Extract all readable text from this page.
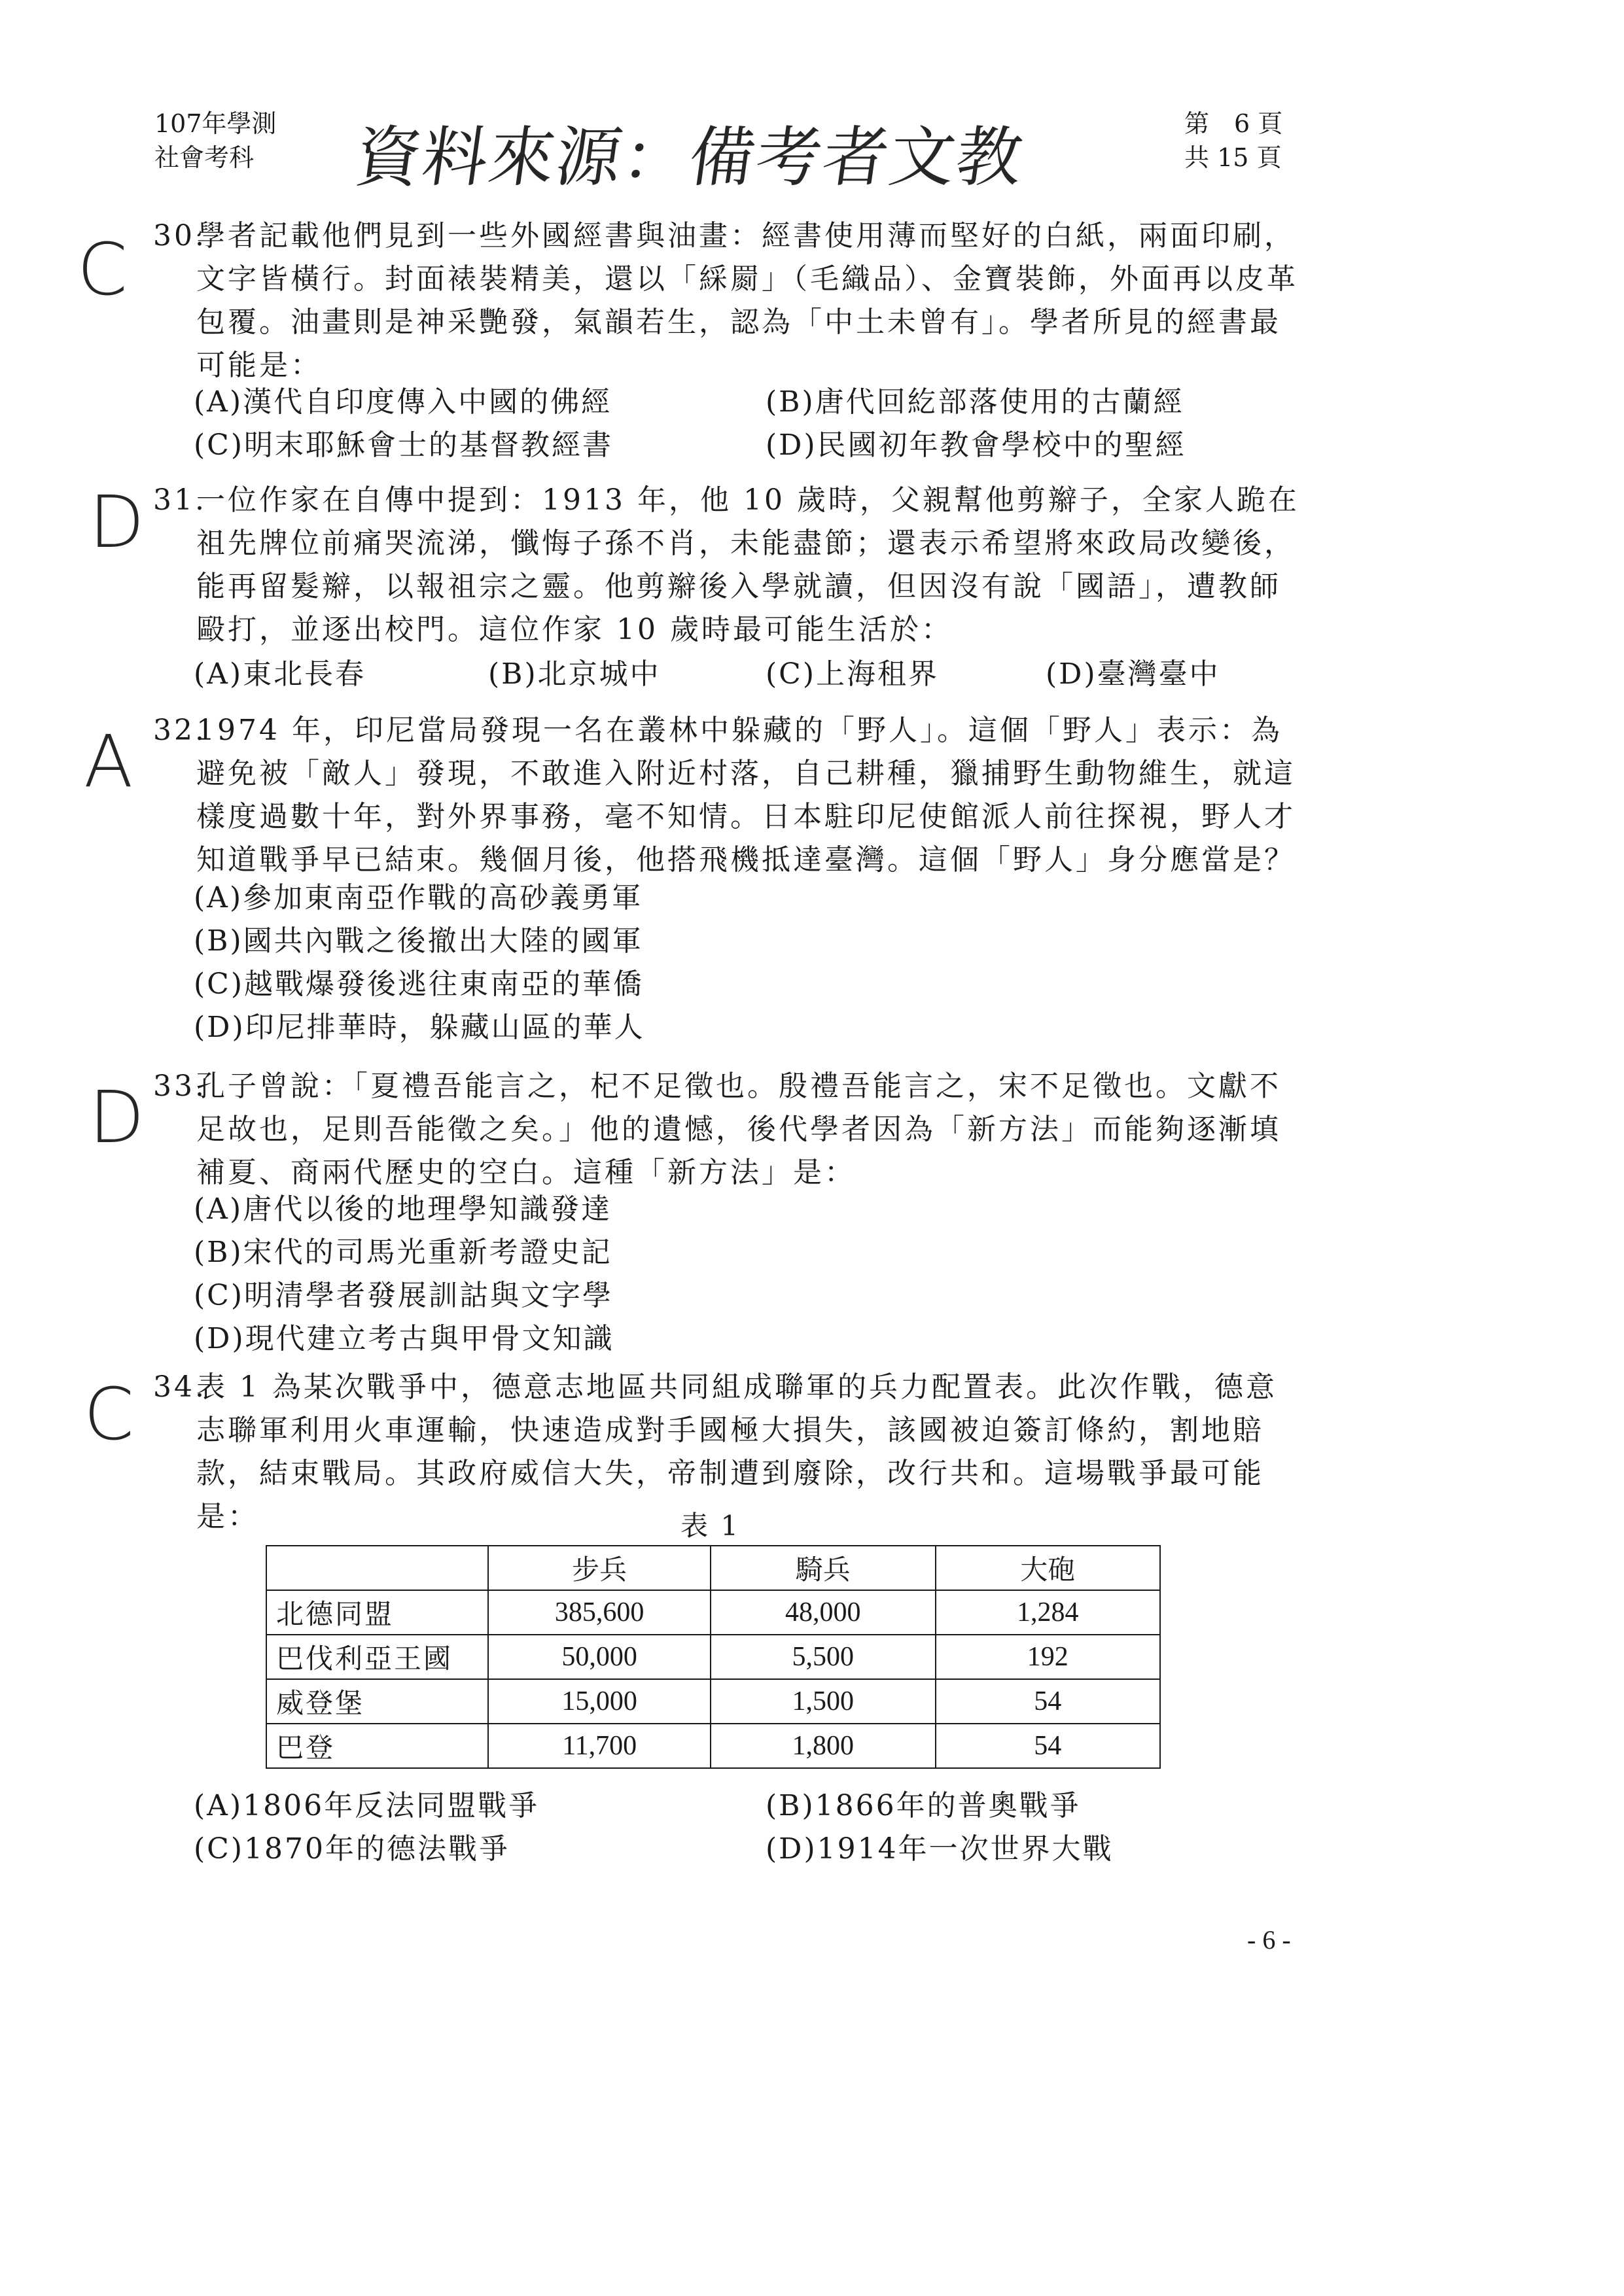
107年學測
社會考科 資料來源：備考者文教	第　6 頁
共 15 頁
C 30.
學者記載他們見到一些外國經書與油畫：經書使用薄而堅好的白紙，兩面印刷，文字皆橫行。封面裱裝精美，還以「綵罽」（毛織品）、金寶裝飾，外面再以皮革包覆。油畫則是神采艷發，氣韻若生，認為「中土未曾有」。學者所見的經書最可能是：
(A)漢代自印度傳入中國的佛經	(B)唐代回紇部落使用的古蘭經
(C)明末耶穌會士的基督教經書	(D)民國初年教會學校中的聖經
D 31.
一位作家在自傳中提到：1913 年，他 10 歲時，父親幫他剪辮子，全家人跪在祖先牌位前痛哭流涕，懺悔子孫不肖，未能盡節；還表示希望將來政局改變後，能再留髮辮，以報祖宗之靈。他剪辮後入學就讀，但因沒有說「國語」，遭教師毆打，並逐出校門。這位作家 10 歲時最可能生活於：
(A)東北長春	(B)北京城中	(C)上海租界	(D)臺灣臺中
A 32.
1974 年，印尼當局發現一名在叢林中躲藏的「野人」。這個「野人」表示：為避免被「敵人」發現，不敢進入附近村落，自己耕種，獵捕野生動物維生，就這樣度過數十年，對外界事務，毫不知情。日本駐印尼使館派人前往探視，野人才知道戰爭早已結束。幾個月後，他搭飛機抵達臺灣。這個「野人」身分應當是？
(A)參加東南亞作戰的高砂義勇軍
(B)國共內戰之後撤出大陸的國軍
(C)越戰爆發後逃往東南亞的華僑
(D)印尼排華時，躲藏山區的華人
D 33.
孔子曾說：「夏禮吾能言之，杞不足徵也。殷禮吾能言之，宋不足徵也。文獻不足故也，足則吾能徵之矣。」他的遺憾，後代學者因為「新方法」而能夠逐漸填補夏、商兩代歷史的空白。這種「新方法」是：
(A)唐代以後的地理學知識發達
(B)宋代的司馬光重新考證史記
(C)明清學者發展訓詁與文字學
(D)現代建立考古與甲骨文知識
C 34.
表 1 為某次戰爭中，德意志地區共同組成聯軍的兵力配置表。此次作戰，德意志聯軍利用火車運輸，快速造成對手國極大損失，該國被迫簽訂條約，割地賠款，結束戰局。其政府威信大失，帝制遭到廢除，改行共和。這場戰爭最可能是：	表 1
	步兵	騎兵	大砲
北德同盟	385,600	48,000	1,284
巴伐利亞王國	50,000	5,500	192
威登堡	15,000	1,500	54
巴登	11,700	1,800	54
(A)1806年反法同盟戰爭	(B)1866年的普奧戰爭
(C)1870年的德法戰爭	(D)1914年一次世界大戰
- 6 -
